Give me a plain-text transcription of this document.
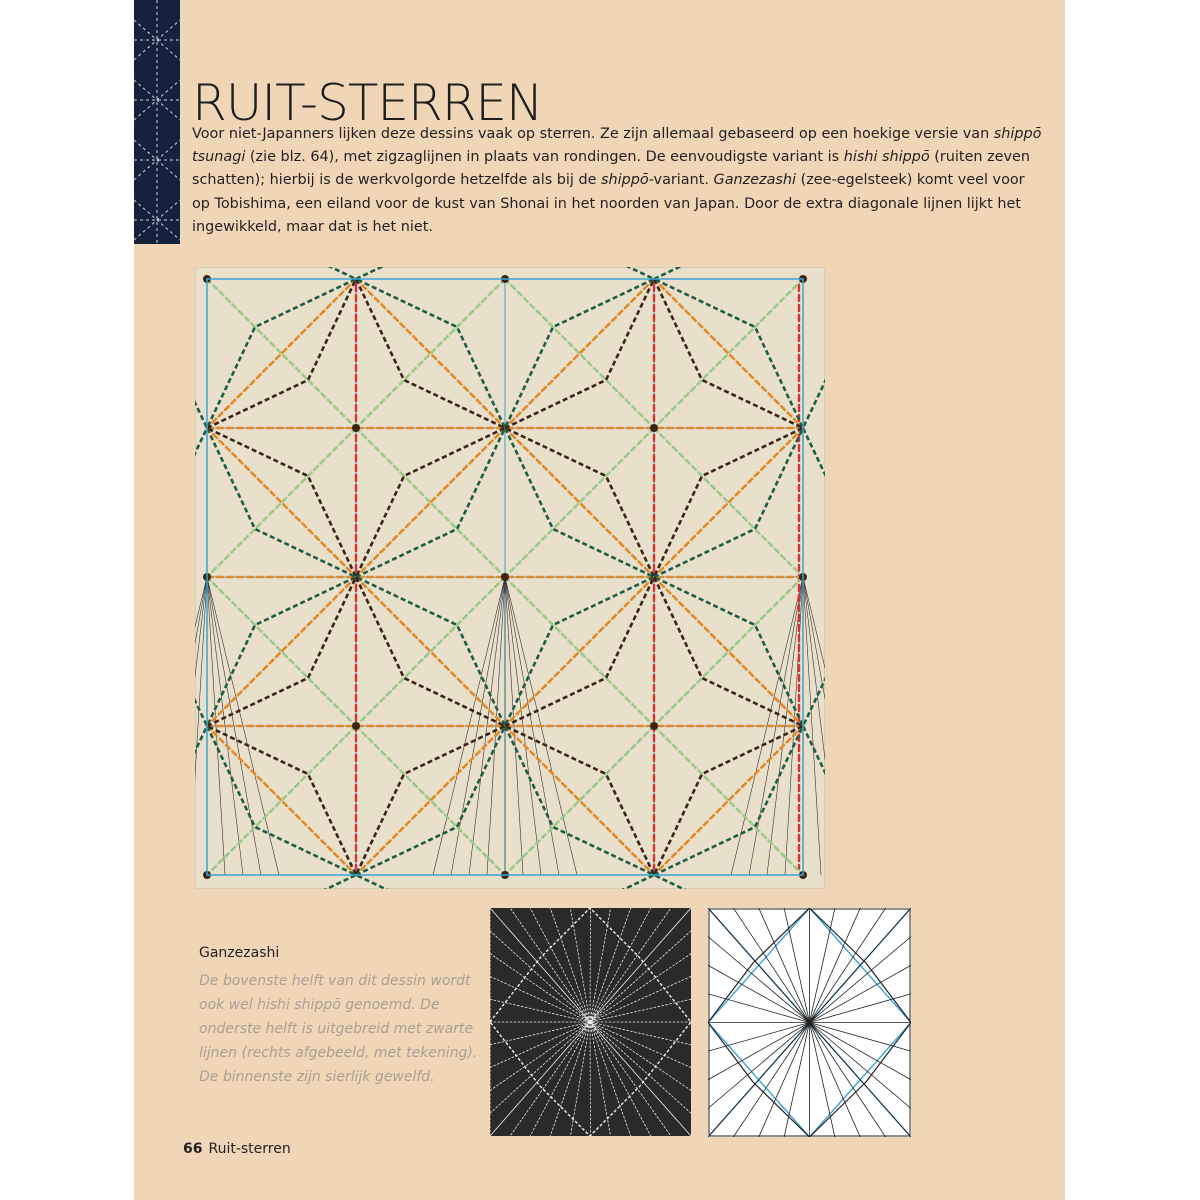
RUIT-STERREN

Voor niet-Japanners lijken deze dessins vaak op sterren. Ze zijn allemaal gebaseerd op een hoekige versie van shippō tsunagi (zie blz. 64), met zigzaglijnen in plaats van rondingen. De eenvoudigste variant is hishi shippō (ruiten zeven schatten); hierbij is de werkvolgorde hetzelfde als bij de shippō-variant. Ganzezashi (zee-egelsteek) komt veel voor op Tobishima, een eiland voor de kust van Shonai in het noorden van Japan. Door de extra diagonale lijnen lijkt het ingewikkeld, maar dat is het niet.

Ganzezashi

De bovenste helft van dit dessin wordt ook wel hishi shippō genoemd. De onderste helft is uitgebreid met zwarte lijnen (rechts afgebeeld, met tekening). De binnenste zijn sierlijk gewelfd.

66 Ruit-sterren
